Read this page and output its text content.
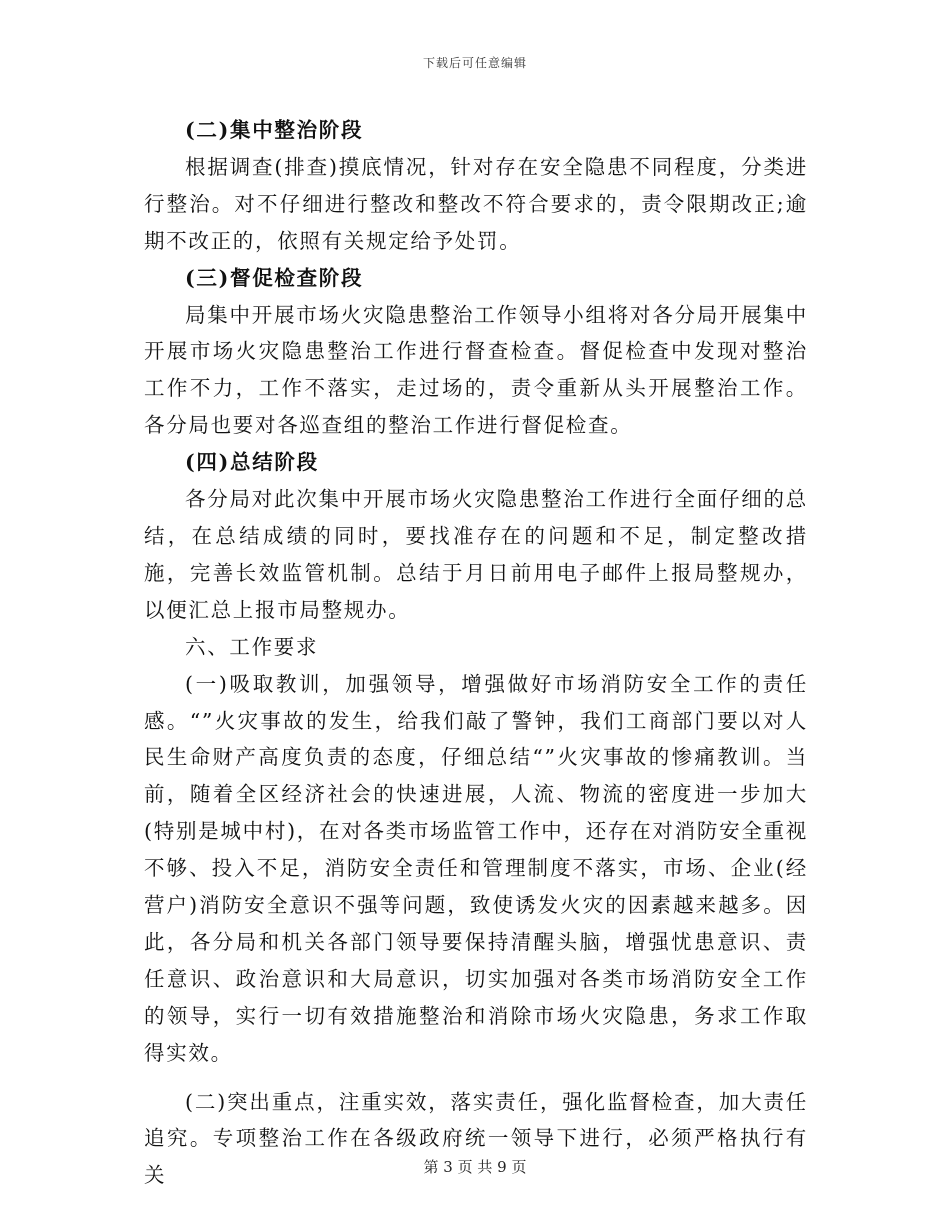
下载后可任意编辑

(二)集中整治阶段

根据调查(排查)摸底情况，针对存在安全隐患不同程度，分类进行整治。对不仔细进行整改和整改不符合要求的，责令限期改正;逾期不改正的，依照有关规定给予处罚。

(三)督促检查阶段

局集中开展市场火灾隐患整治工作领导小组将对各分局开展集中开展市场火灾隐患整治工作进行督查检查。督促检查中发现对整治工作不力，工作不落实，走过场的，责令重新从头开展整治工作。各分局也要对各巡查组的整治工作进行督促检查。

(四)总结阶段

各分局对此次集中开展市场火灾隐患整治工作进行全面仔细的总结，在总结成绩的同时，要找准存在的问题和不足，制定整改措施，完善长效监管机制。总结于月日前用电子邮件上报局整规办，以便汇总上报市局整规办。

六、工作要求

(一)吸取教训，加强领导，增强做好市场消防安全工作的责任感。“”火灾事故的发生，给我们敲了警钟，我们工商部门要以对人民生命财产高度负责的态度，仔细总结“”火灾事故的惨痛教训。当前，随着全区经济社会的快速进展，人流、物流的密度进一步加大(特别是城中村)，在对各类市场监管工作中，还存在对消防安全重视不够、投入不足，消防安全责任和管理制度不落实，市场、企业(经营户)消防安全意识不强等问题，致使诱发火灾的因素越来越多。因此，各分局和机关各部门领导要保持清醒头脑，增强忧患意识、责任意识、政治意识和大局意识，切实加强对各类市场消防安全工作的领导，实行一切有效措施整治和消除市场火灾隐患，务求工作取得实效。

(二)突出重点，注重实效，落实责任，强化监督检查，加大责任追究。专项整治工作在各级政府统一领导下进行，必须严格执行有关	第 3 页 共 9 页
